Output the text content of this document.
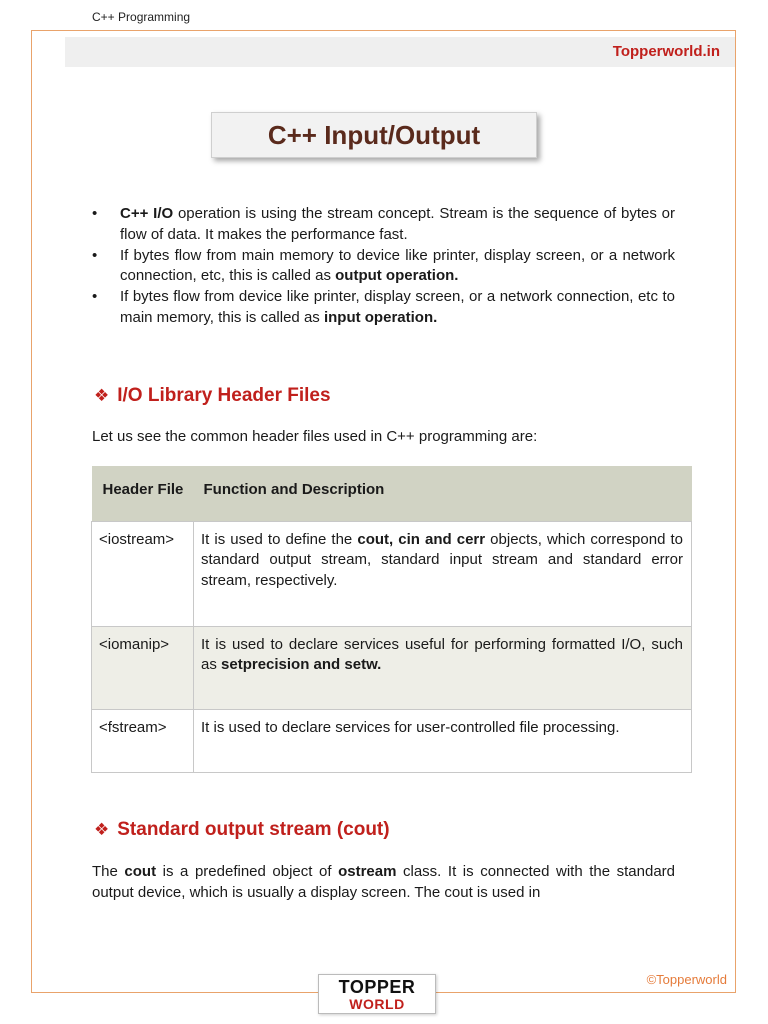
C++ Programming
Topperworld.in
C++ Input/Output
• C++ I/O operation is using the stream concept. Stream is the sequence of bytes or flow of data. It makes the performance fast.
• If bytes flow from main memory to device like printer, display screen, or a network connection, etc, this is called as output operation.
• If bytes flow from device like printer, display screen, or a network connection, etc to main memory, this is called as input operation.
❖ I/O Library Header Files
Let us see the common header files used in C++ programming are:
Header File	Function and Description
<iostream>	It is used to define the cout, cin and cerr objects, which correspond to standard output stream, standard input stream and standard error stream, respectively.
<iomanip>	It is used to declare services useful for performing formatted I/O, such as setprecision and setw.
<fstream>	It is used to declare services for user-controlled file processing.
❖ Standard output stream (cout)
The cout is a predefined object of ostream class. It is connected with the standard output device, which is usually a display screen. The cout is used in
©Topperworld
TOPPER
WORLD
